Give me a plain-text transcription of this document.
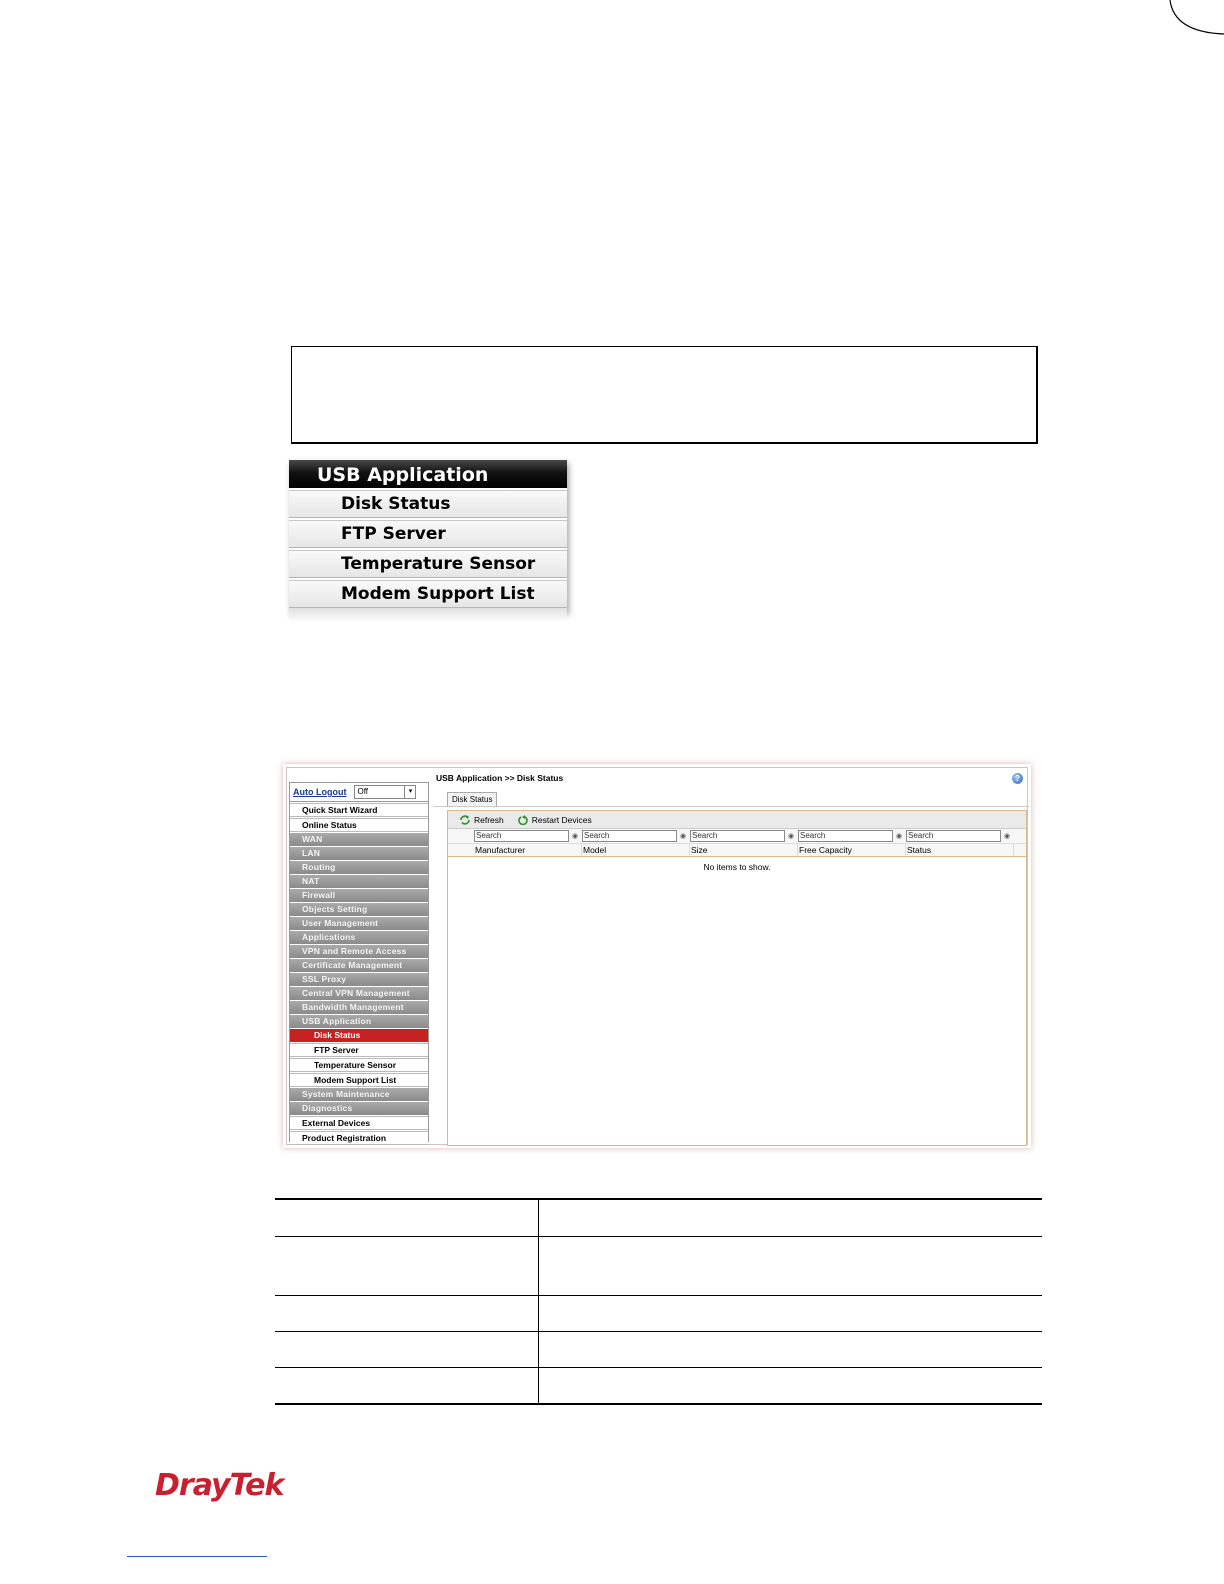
USB Application
Disk Status
FTP Server
Temperature Sensor
Modem Support List
Auto Logout	Off	▾
Quick Start Wizard
Online Status
WAN
LAN
Routing
NAT
Firewall
Objects Setting
User Management
Applications
VPN and Remote Access
Certificate Management
SSL Proxy
Central VPN Management
Bandwidth Management
USB Application
Disk Status
FTP Server
Temperature Sensor
Modem Support List
System Maintenance
Diagnostics
External Devices
Product Registration
USB Application >> Disk Status	?
Disk Status
Refresh	Restart Devices
Search	◉ Search	◉ Search	◉ Search	◉ Search	◉
Manufacturer	Model	Size	Free Capacity	Status
No items to show.

DrayTek
